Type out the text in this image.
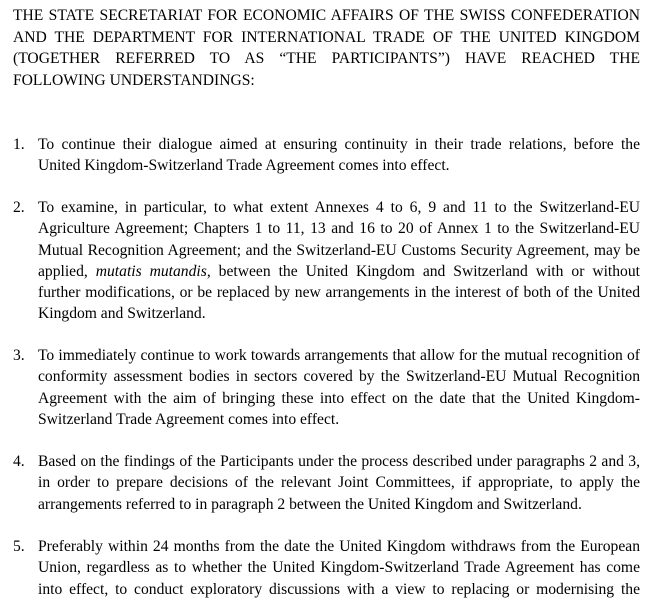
THE STATE SECRETARIAT FOR ECONOMIC AFFAIRS OF THE SWISS CONFEDERATION AND THE DEPARTMENT FOR INTERNATIONAL TRADE OF THE UNITED KINGDOM (TOGETHER REFERRED TO AS “THE PARTICIPANTS”) HAVE REACHED THE FOLLOWING UNDERSTANDINGS:

1. To continue their dialogue aimed at ensuring continuity in their trade relations, before the United Kingdom-Switzerland Trade Agreement comes into effect.

2. To examine, in particular, to what extent Annexes 4 to 6, 9 and 11 to the Switzerland-EU Agriculture Agreement; Chapters 1 to 11, 13 and 16 to 20 of Annex 1 to the Switzerland-EU Mutual Recognition Agreement; and the Switzerland-EU Customs Security Agreement, may be applied, mutatis mutandis, between the United Kingdom and Switzerland with or without further modifications, or be replaced by new arrangements in the interest of both of the United Kingdom and Switzerland.

3. To immediately continue to work towards arrangements that allow for the mutual recognition of conformity assessment bodies in sectors covered by the Switzerland-EU Mutual Recognition Agreement with the aim of bringing these into effect on the date that the United Kingdom-Switzerland Trade Agreement comes into effect.

4. Based on the findings of the Participants under the process described under paragraphs 2 and 3, in order to prepare decisions of the relevant Joint Committees, if appropriate, to apply the arrangements referred to in paragraph 2 between the United Kingdom and Switzerland.

5. Preferably within 24 months from the date the United Kingdom withdraws from the European Union, regardless as to whether the United Kingdom-Switzerland Trade Agreement has come into effect, to conduct exploratory discussions with a view to replacing or modernising the
